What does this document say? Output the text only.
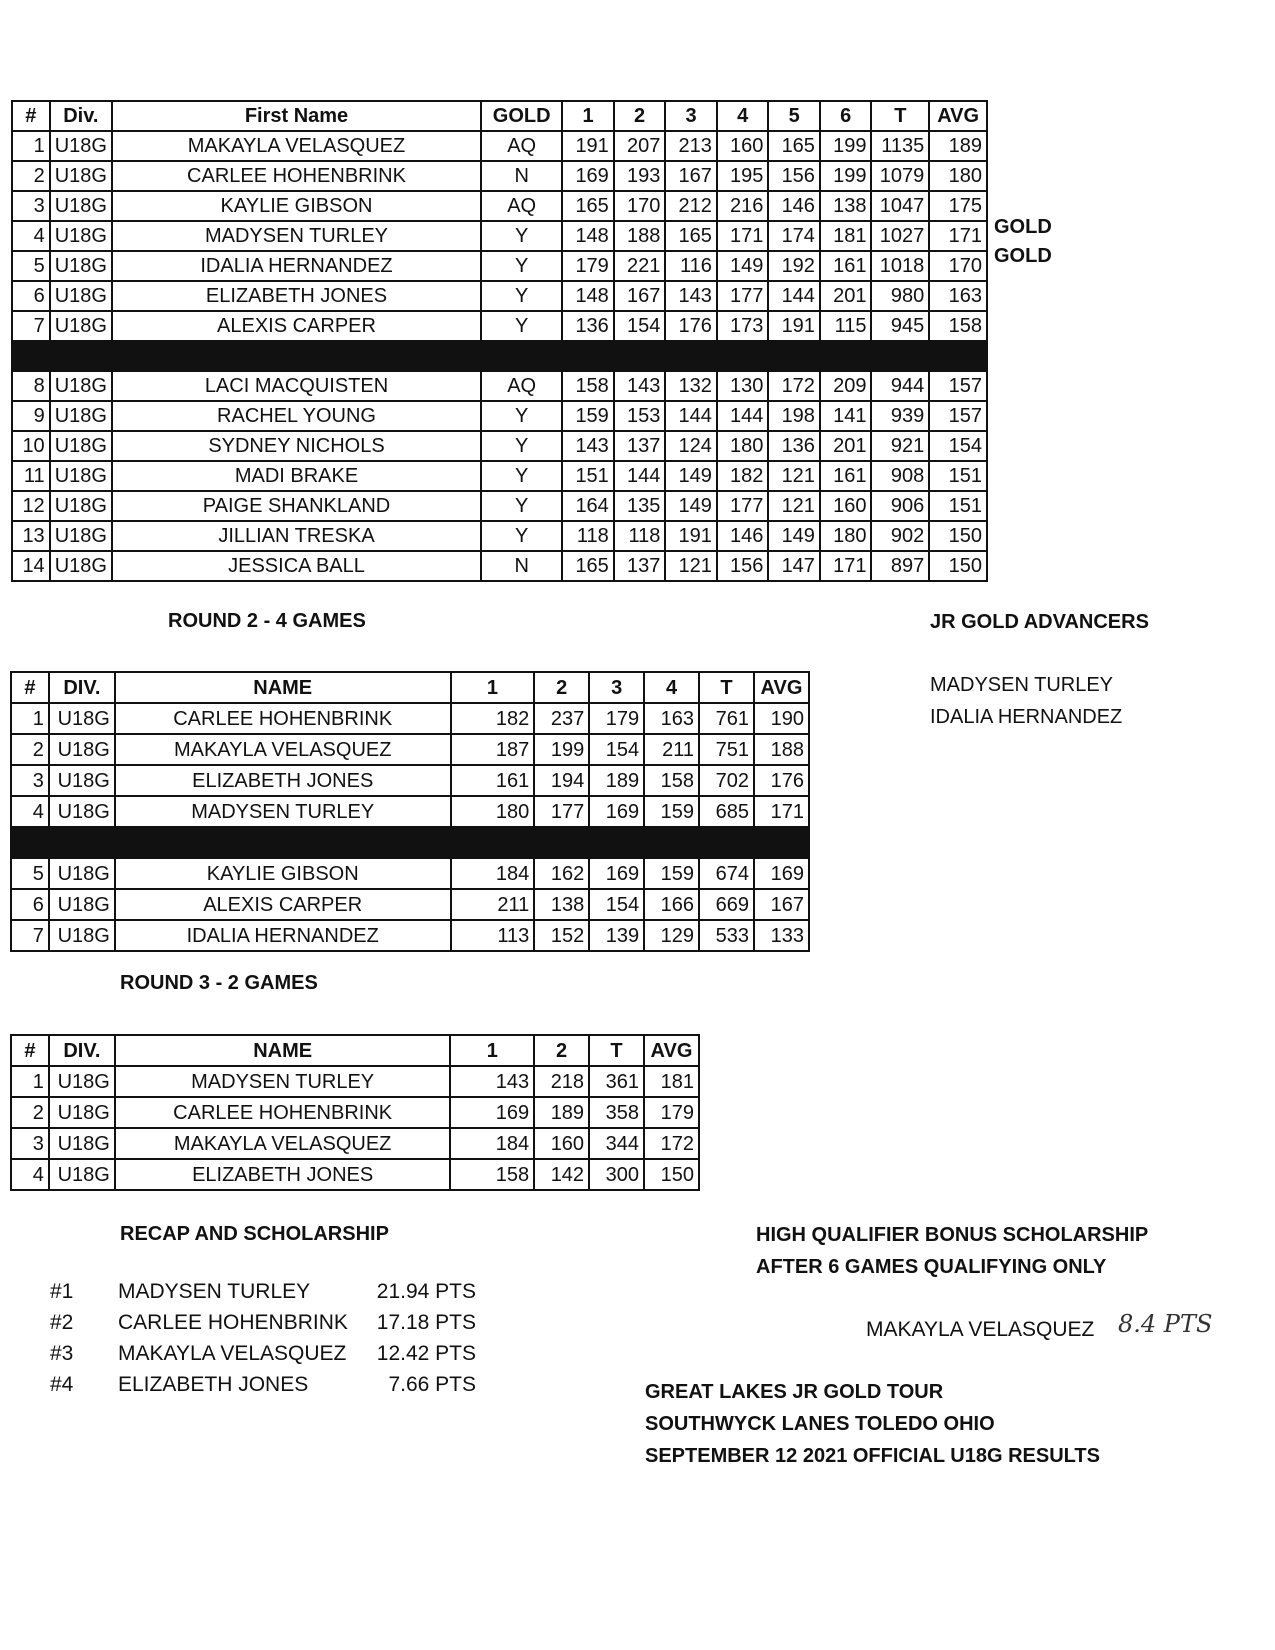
#	Div.	First Name	GOLD	1	2	3	4	5	6	T	AVG
1	U18G	MAKAYLA VELASQUEZ	AQ	191	207	213	160	165	199	1135	189
2	U18G	CARLEE HOHENBRINK	N	169	193	167	195	156	199	1079	180
3	U18G	KAYLIE GIBSON	AQ	165	170	212	216	146	138	1047	175
4	U18G	MADYSEN TURLEY	Y	148	188	165	171	174	181	1027	171
5	U18G	IDALIA HERNANDEZ	Y	179	221	116	149	192	161	1018	170
6	U18G	ELIZABETH JONES	Y	148	167	143	177	144	201	980	163
7	U18G	ALEXIS CARPER	Y	136	154	176	173	191	115	945	158

8	U18G	LACI MACQUISTEN	AQ	158	143	132	130	172	209	944	157
9	U18G	RACHEL YOUNG	Y	159	153	144	144	198	141	939	157
10	U18G	SYDNEY NICHOLS	Y	143	137	124	180	136	201	921	154
11	U18G	MADI BRAKE	Y	151	144	149	182	121	161	908	151
12	U18G	PAIGE SHANKLAND	Y	164	135	149	177	121	160	906	151
13	U18G	JILLIAN TRESKA	Y	118	118	191	146	149	180	902	150
14	U18G	JESSICA BALL	N	165	137	121	156	147	171	897	150
GOLD
GOLD
ROUND 2 - 4 GAMES
#	DIV.	NAME	1	2	3	4	T	AVG
1	U18G	CARLEE HOHENBRINK	182	237	179	163	761	190
2	U18G	MAKAYLA VELASQUEZ	187	199	154	211	751	188
3	U18G	ELIZABETH JONES	161	194	189	158	702	176
4	U18G	MADYSEN TURLEY	180	177	169	159	685	171

5	U18G	KAYLIE GIBSON	184	162	169	159	674	169
6	U18G	ALEXIS CARPER	211	138	154	166	669	167
7	U18G	IDALIA HERNANDEZ	113	152	139	129	533	133
JR GOLD ADVANCERS
MADYSEN TURLEY
IDALIA HERNANDEZ
ROUND 3 - 2 GAMES
#	DIV.	NAME	1	2	T	AVG
1	U18G	MADYSEN TURLEY	143	218	361	181
2	U18G	CARLEE HOHENBRINK	169	189	358	179
3	U18G	MAKAYLA VELASQUEZ	184	160	344	172
4	U18G	ELIZABETH JONES	158	142	300	150
RECAP AND SCHOLARSHIP
#1 MADYSEN TURLEY	21.94 PTS
#2 CARLEE HOHENBRINK 17.18 PTS
#3 MAKAYLA VELASQUEZ 12.42 PTS
#4 ELIZABETH JONES	7.66 PTS
HIGH QUALIFIER BONUS SCHOLARSHIP
AFTER 6 GAMES QUALIFYING ONLY
MAKAYLA VELASQUEZ 8.4 PTS
GREAT LAKES JR GOLD TOUR
SOUTHWYCK LANES TOLEDO OHIO
SEPTEMBER 12 2021 OFFICIAL U18G RESULTS
